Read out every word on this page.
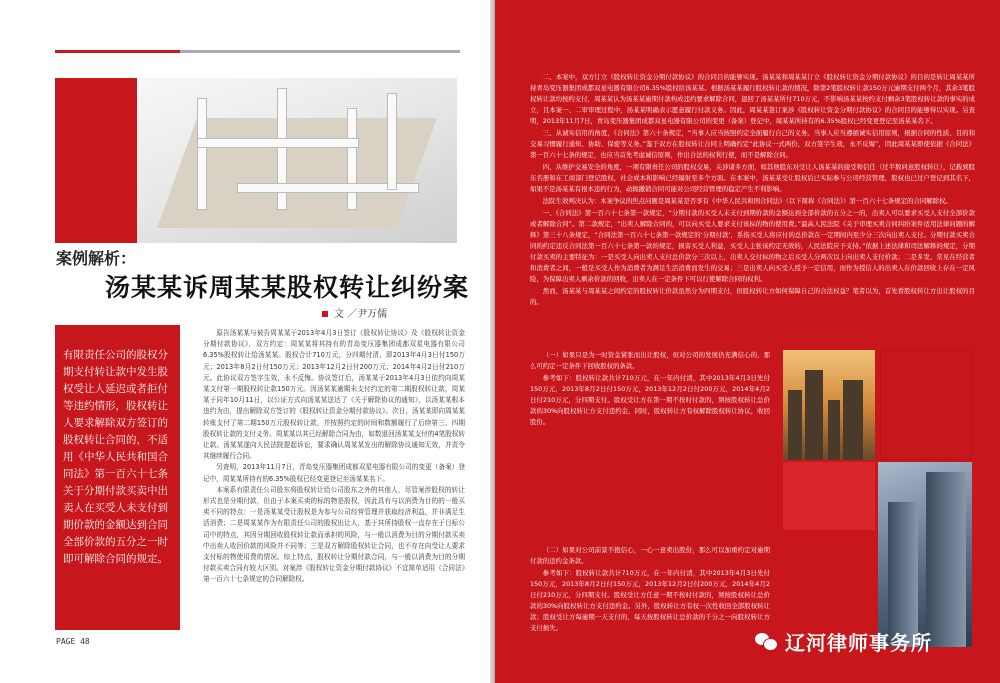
案例解析：
汤某某诉周某某股权转让纠纷案
文 ／尹万儒
有限责任公司的股权分期支付转让款中发生股权受让人延迟或者拒付等违约情形，股权转让人要求解除双方签订的股权转让合同的，不适用《中华人民共和国合同法》第一百六十七条关于分期付款买卖中出卖人在买受人未支付到期价款的金额达到合同全部价款的五分之一时即可解除合同的规定。

原告汤某某与被告周某某于2013年4月3日签订《股权转让协议》及《股权转让资金分期付款协议》，双方约定：周某某将其持有的青岛变压器集团成都双星电器有限公司6.35%股权转让给汤某某。股权合计710万元，分四期付清，即2013年4月3日付150万元；2013年8月2日付150万元；2013年12月2日付200万元；2014年4月2日付210万元。此协议双方签字生效，永不反悔。协议签订后，汤某某于2013年4月3日依约向周某某支付第一期股权转让款150万元。因汤某某逾期未支付约定的第二期股权转让款，周某某于同年10月11日，以公证方式向汤某某送达了《关于解除协议的通知》，以汤某某根本违约为由，提出解除双方签订的《股权转让资金分期付款协议》。次日，汤某某即向周某某转账支付了第二期150万元股权转让款，并按照约定的时间和数额履行了后续第三、四期股权转让款的支付义务。周某某以其已经解除合同为由，如数退回汤某某支付的4笔股权转让款。汤某某遂向人民法院提起诉讼，要求确认周某某发出的解除协议通知无效，并责令其继续履行合同。

另查明，2013年11月7日，青岛变压器集团成都双星电器有限公司的变更（备案）登记中，周某某所持有的6.35%股权已经变更登记至汤某某名下。

本案系有限责任公司股东将股权转让给公司股东之外的其他人，尽管案涉股权的转让形式也是分期付款，但由于本案买卖的标的物是股权，因此具有与以消费为目的的一般买卖不同的特点：一是汤某某受让股权是为参与公司经营管理并获取经济利益，并非满足生活消费；二是周某某作为有限责任公司的股权出让人，基于其所持股权一直存在于目标公司中的特点，其因分期回收股权转让款而承担的风险，与一般以消费为目的分期付款买卖中出卖人收回价款的风险并不同等；三是双方解除股权转让合同，也不存在向受让人要求支付标的物使用费的情况。综上特点，股权转让分期付款合同，与一般以消费为目的分期付款买卖合同有较大区别。对案涉《股权转让资金分期付款协议》不宜简单适用《合同法》第一百六十七条规定的合同解除权。

PAGE 48

二、本案中，双方订立《股权转让资金分期付款协议》的合同目的能够实现。汤某某和周某某订立《股权转让资金分期付款协议》的目的是转让周某某所持青岛变压器集团成都双星电器有限公司6.35%股权给汤某某。根据汤某某履行股权转让款的情况，除第2笔股权转让款150万元逾期支付两个月，其余3笔股权转让款均按约支付，周某某认为汤某某逾期付款构成违约要求解除合同，退回了汤某某所付710万元，不影响汤某某按约支付剩余3笔股权转让款的事实的成立，且本案一、二审审理过程中，汤某某明确表示愿意履行付款义务。因此，周某某签订案涉《股权转让资金分期付款协议》的合同目的能够得以实现。另查明，2013年11月7日，青岛变压器集团成都双星电器有限公司的变更（备案）登记中，周某某所持有的6.35%股权已经变更登记至汤某某名下。

三、从诚实信用的角度，《合同法》第六十条规定，“当事人应当按照约定全面履行自己的义务。当事人应当遵循诚实信用原则，根据合同的性质、目的和交易习惯履行通知、协助、保密等义务。”鉴于双方在股权转让合同上明确约定“此协议一式两份，双方签字生效，永不反悔”，因此周某某即使依据《合同法》第一百六十七条的规定，也应当首先考虑诚信原则，作出合法的权利行使，而不是解除合同。

四、从维护交易安全的角度，一项有限责任公司的股权交易，关涉诸多方面，如其他股东对受让人汤某某的接受和信任（过半数同意股权转让），记载到股东名册和在工商部门登记股权，社会成本和影响已经辐射至多个方面。在本案中，汤某某受让股权后已实际参与公司经营管理，股权也已过户登记到其名下，如果不是汤某某有根本违约行为，动辄撤销合同可能对公司经营管理的稳定产生不利影响。

法院生效判决认为：本案争议的焦点问题是周某某是否享有《中华人民共和国合同法》（以下简称《合同法》）第一百六十七条规定的合同解除权。

一、《合同法》第一百六十七条第一款规定，“分期付款的买受人未支付到期价款的金额达到全部价款的五分之一的，出卖人可以要求买受人支付全部价款或者解除合同”。第二款规定，“出卖人解除合同的，可以向买受人要求支付该标的物的使用费。”最高人民法院《关于审理买卖合同纠纷案件适用法律问题的解释》第三十八条规定，“合同法第一百六十七条第一款规定的‘分期付款’，系指买受人将应付的总价款在一定期间内至少分三次向出卖人支付。分期付款买卖合同的约定违反合同法第一百六十七条第一款的规定，损害买受人利益，买受人主张该约定无效的，人民法院应予支持。”依据上述法律和司法解释的规定，分期付款买卖的主要特征为：一是买受人向出卖人支付总价款分三次以上，出卖人交付标的物之后买受人分两次以上向出卖人支付价款；二是多发、常见在经营者和消费者之间，一般是买受人作为消费者为满足生活消费而发生的交易；三是出卖人向买受人授予一定信用，而作为授信人的出卖人在价款回收上存在一定风险，为保障出卖人剩余价款的回收，出卖人在一定条件下可以行使解除合同的权利。

然而，汤某某与周某某之间约定的股权转让价款虽然分为四期支付，但股权转让方如何保障自己的合法权益？笔者以为，首先看股权转让方出让股权的目的。

（一）如果只是为一时资金紧张而出让股权，但对公司的发展仍充满信心的，那么可约定一定条件下回收股权的条款。

参考如下：股权转让款共计710万元，在一年内付清，其中2013年4月3日先付150万元，2013年8月2日付150万元，2013年12月2日付200万元，2014年4月2日付210万元，分四期支付。股权受让方在第一期不按时付款的，须按股权转让总价款的30%向股权转让方支付违约金，同时，股权转让方有权解除股权转让协议，收回股份。

（二）如果对公司前景不抱信心，一心一意卖出股份，那么可以加重约定对逾期付款的违约金条款。

参考如下：股权转让款共计710万元，在一年内付清，其中2013年4月3日先付150万元，2013年8月2日付150万元，2013年12月2日付200万元，2014年4月2日付210万元，分四期支付。股权受让方任意一期不按时付款的，须按股权转让总价款的30%向股权转让方支付违约金。另外，股权转让方有权一次性收回全部股权转让款；股权受让方每逾期一天支付的，每天按股权转让总价款的千分之一向股权转让方支付损失。

辽河律师事务所
